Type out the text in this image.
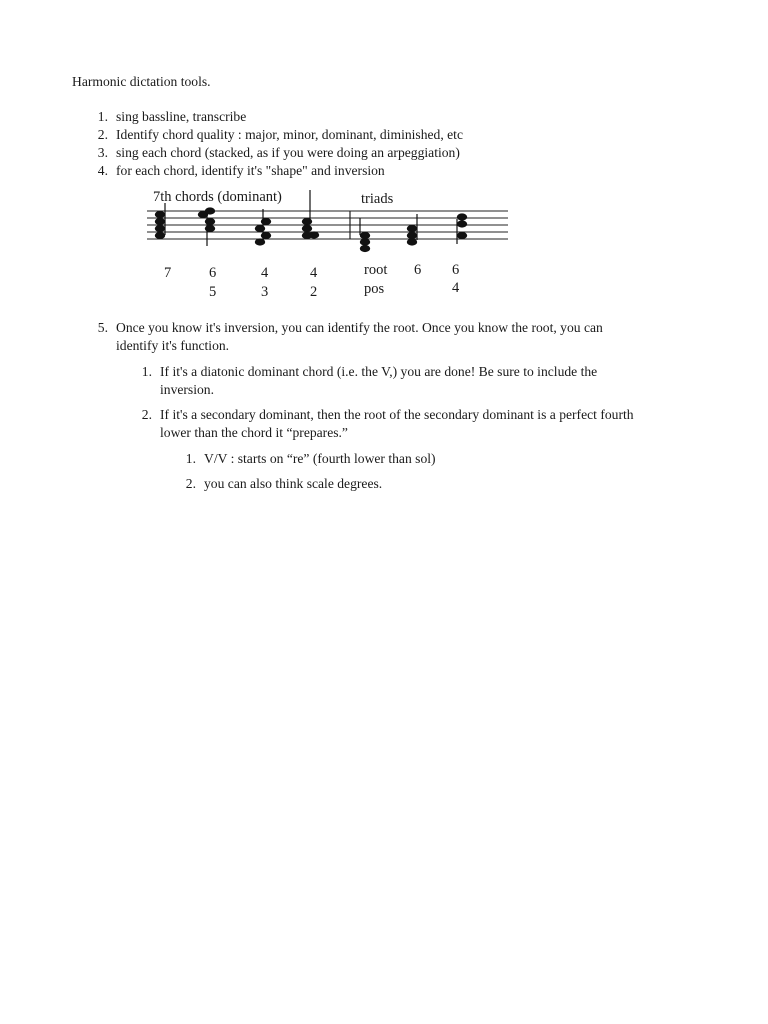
Harmonic dictation tools.
1. sing bassline, transcribe
2. Identify chord quality : major, minor, dominant, diminished, etc
3. sing each chord (stacked, as if you were doing an arpeggiation)
4. for each chord, identify it's "shape" and inversion
7th chords (dominant)	triads
7	6
5
4
3
4
2
root
pos
6 6
4
5. Once you know it's inversion, you can identify the root. Once you know the root, you can
identify it's function.
1. If it's a diatonic dominant chord (i.e. the V,) you are done! Be sure to include the
inversion.
2. If it's a secondary dominant, then the root of the secondary dominant is a perfect fourth
lower than the chord it “prepares.”
1. V/V : starts on “re” (fourth lower than sol)
2. you can also think scale degrees.
